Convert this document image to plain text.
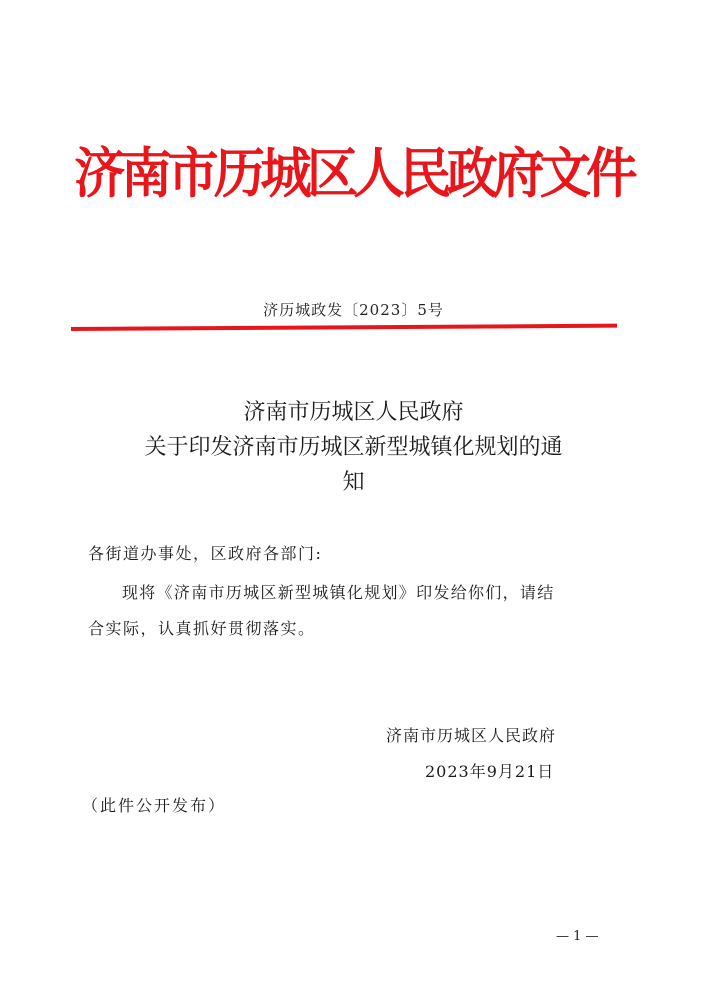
济南市历城区人民政府文件
济历城政发〔2023〕5号
济南市历城区人民政府
关于印发济南市历城区新型城镇化规划的通
知
各街道办事处，区政府各部门:
现将《济南市历城区新型城镇化规划》印发给你们，请结
合实际，认真抓好贯彻落实。
济南市历城区人民政府
2023年9月21日
（此件公开发布）
— 1 —
